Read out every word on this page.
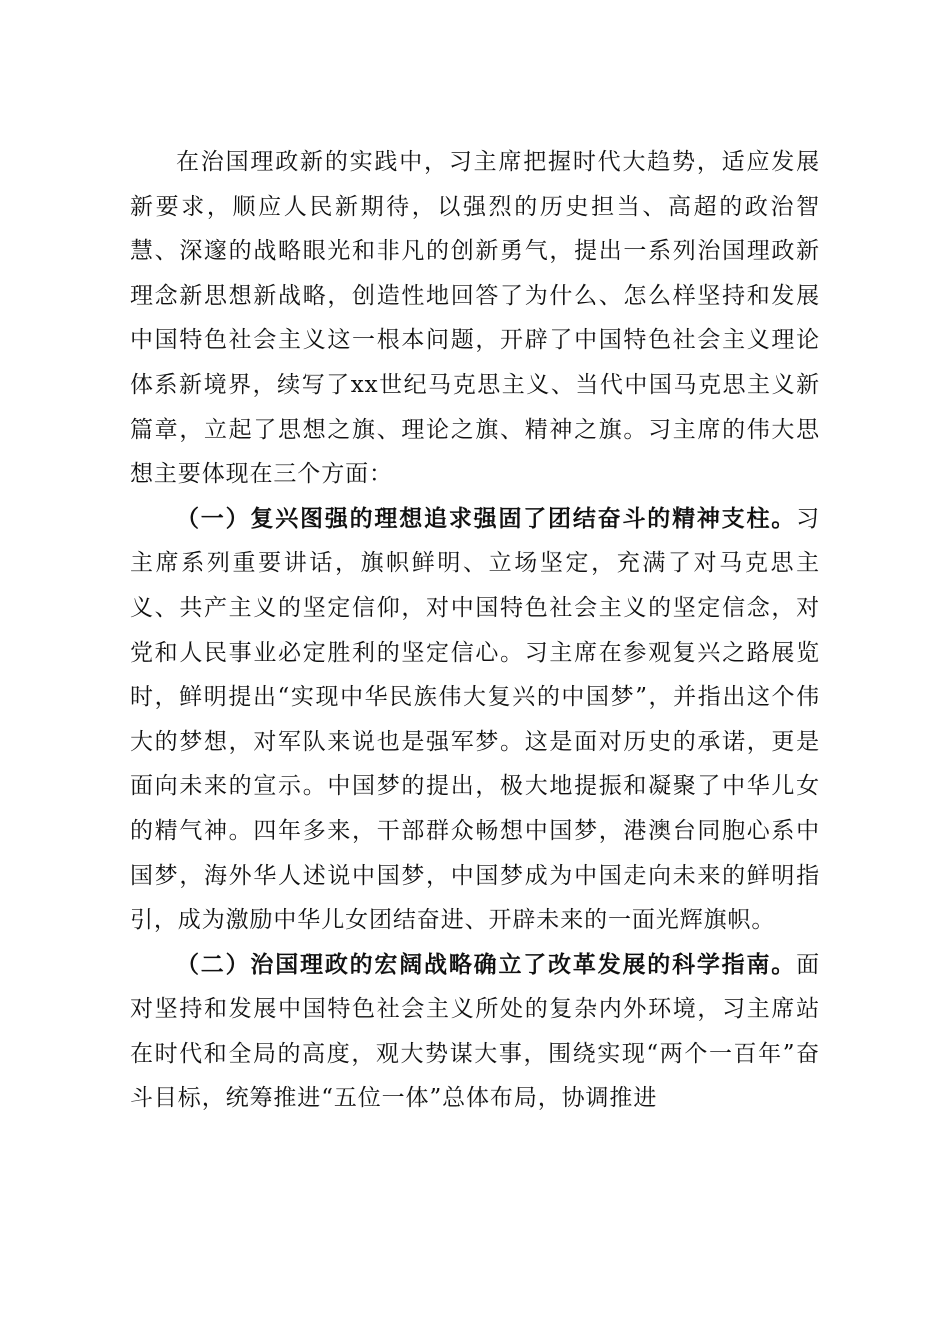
在治国理政新的实践中，习主席把握时代大趋势，适应发展新要求，顺应人民新期待，以强烈的历史担当、高超的政治智慧、深邃的战略眼光和非凡的创新勇气，提出一系列治国理政新理念新思想新战略，创造性地回答了为什么、怎么样坚持和发展中国特色社会主义这一根本问题，开辟了中国特色社会主义理论体系新境界，续写了xx世纪马克思主义、当代中国马克思主义新篇章，立起了思想之旗、理论之旗、精神之旗。习主席的伟大思想主要体现在三个方面：

（一）复兴图强的理想追求强固了团结奋斗的精神支柱。习主席系列重要讲话，旗帜鲜明、立场坚定，充满了对马克思主义、共产主义的坚定信仰，对中国特色社会主义的坚定信念，对党和人民事业必定胜利的坚定信心。习主席在参观复兴之路展览时，鲜明提出“实现中华民族伟大复兴的中国梦”，并指出这个伟大的梦想，对军队来说也是强军梦。这是面对历史的承诺，更是面向未来的宣示。中国梦的提出，极大地提振和凝聚了中华儿女的精气神。四年多来，干部群众畅想中国梦，港澳台同胞心系中国梦，海外华人述说中国梦，中国梦成为中国走向未来的鲜明指引，成为激励中华儿女团结奋进、开辟未来的一面光辉旗帜。

（二）治国理政的宏阔战略确立了改革发展的科学指南。面对坚持和发展中国特色社会主义所处的复杂内外环境，习主席站在时代和全局的高度，观大势谋大事，围绕实现“两个一百年”奋斗目标，统筹推进“五位一体”总体布局，协调推进
